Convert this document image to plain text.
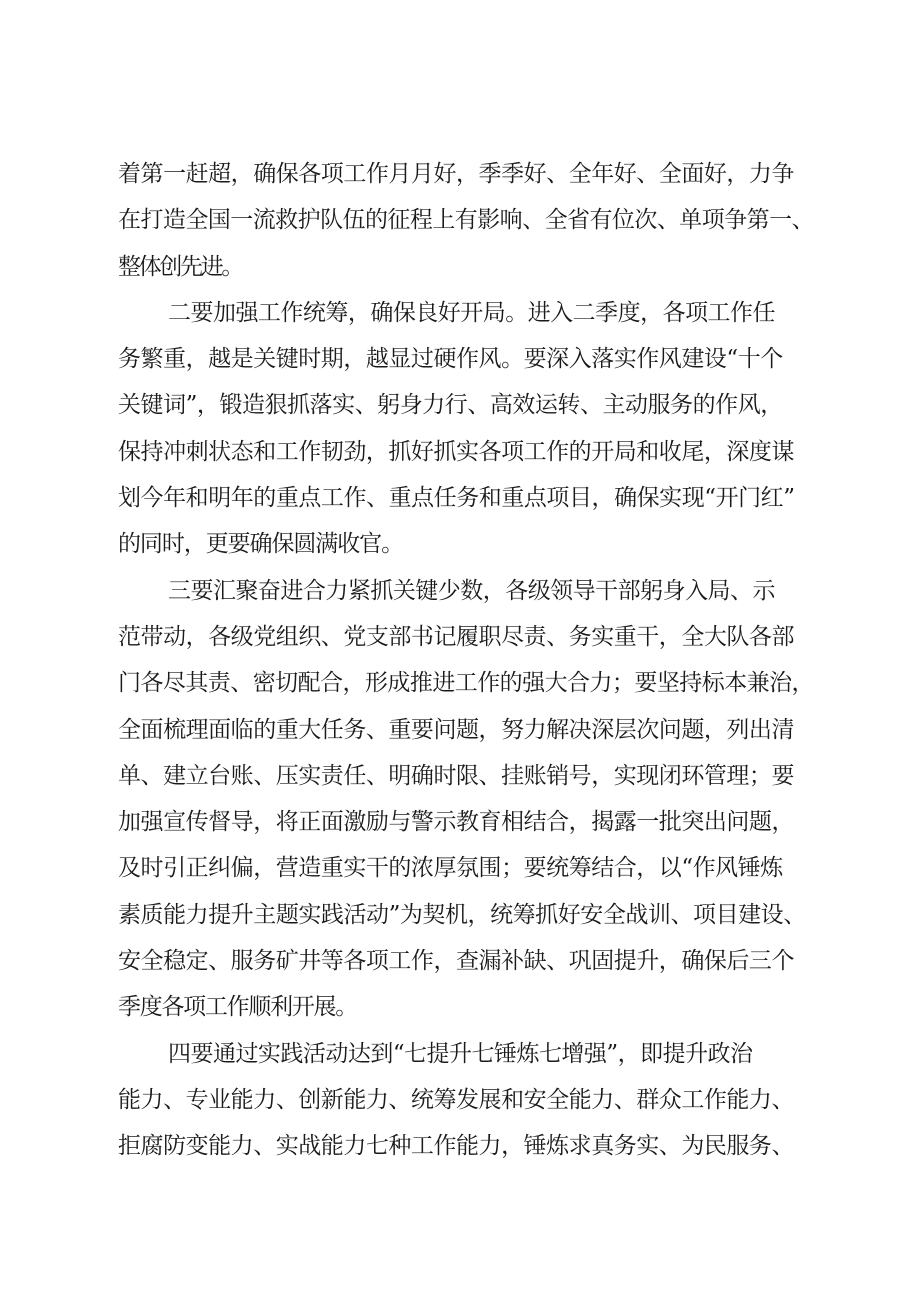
着第一赶超，确保各项工作月月好，季季好、全年好、全面好，力争
在打造全国一流救护队伍的征程上有影响、全省有位次、单项争第一、
整体创先进。
二要加强工作统筹，确保良好开局。进入二季度，各项工作任
务繁重，越是关键时期，越显过硬作风。要深入落实作风建设“十个
关键词”，锻造狠抓落实、躬身力行、高效运转、主动服务的作风，
保持冲刺状态和工作韧劲，抓好抓实各项工作的开局和收尾，深度谋
划今年和明年的重点工作、重点任务和重点项目，确保实现“开门红”
的同时，更要确保圆满收官。
三要汇聚奋进合力紧抓关键少数，各级领导干部躬身入局、示
范带动，各级党组织、党支部书记履职尽责、务实重干，全大队各部
门各尽其责、密切配合，形成推进工作的强大合力；要坚持标本兼治，
全面梳理面临的重大任务、重要问题，努力解决深层次问题，列出清
单、建立台账、压实责任、明确时限、挂账销号，实现闭环管理；要
加强宣传督导，将正面激励与警示教育相结合，揭露一批突出问题，
及时引正纠偏，营造重实干的浓厚氛围；要统筹结合，以“作风锤炼
素质能力提升主题实践活动”为契机，统筹抓好安全战训、项目建设、
安全稳定、服务矿井等各项工作，查漏补缺、巩固提升，确保后三个
季度各项工作顺利开展。
四要通过实践活动达到“七提升七锤炼七增强”，即提升政治
能力、专业能力、创新能力、统筹发展和安全能力、群众工作能力、
拒腐防变能力、实战能力七种工作能力，锤炼求真务实、为民服务、
